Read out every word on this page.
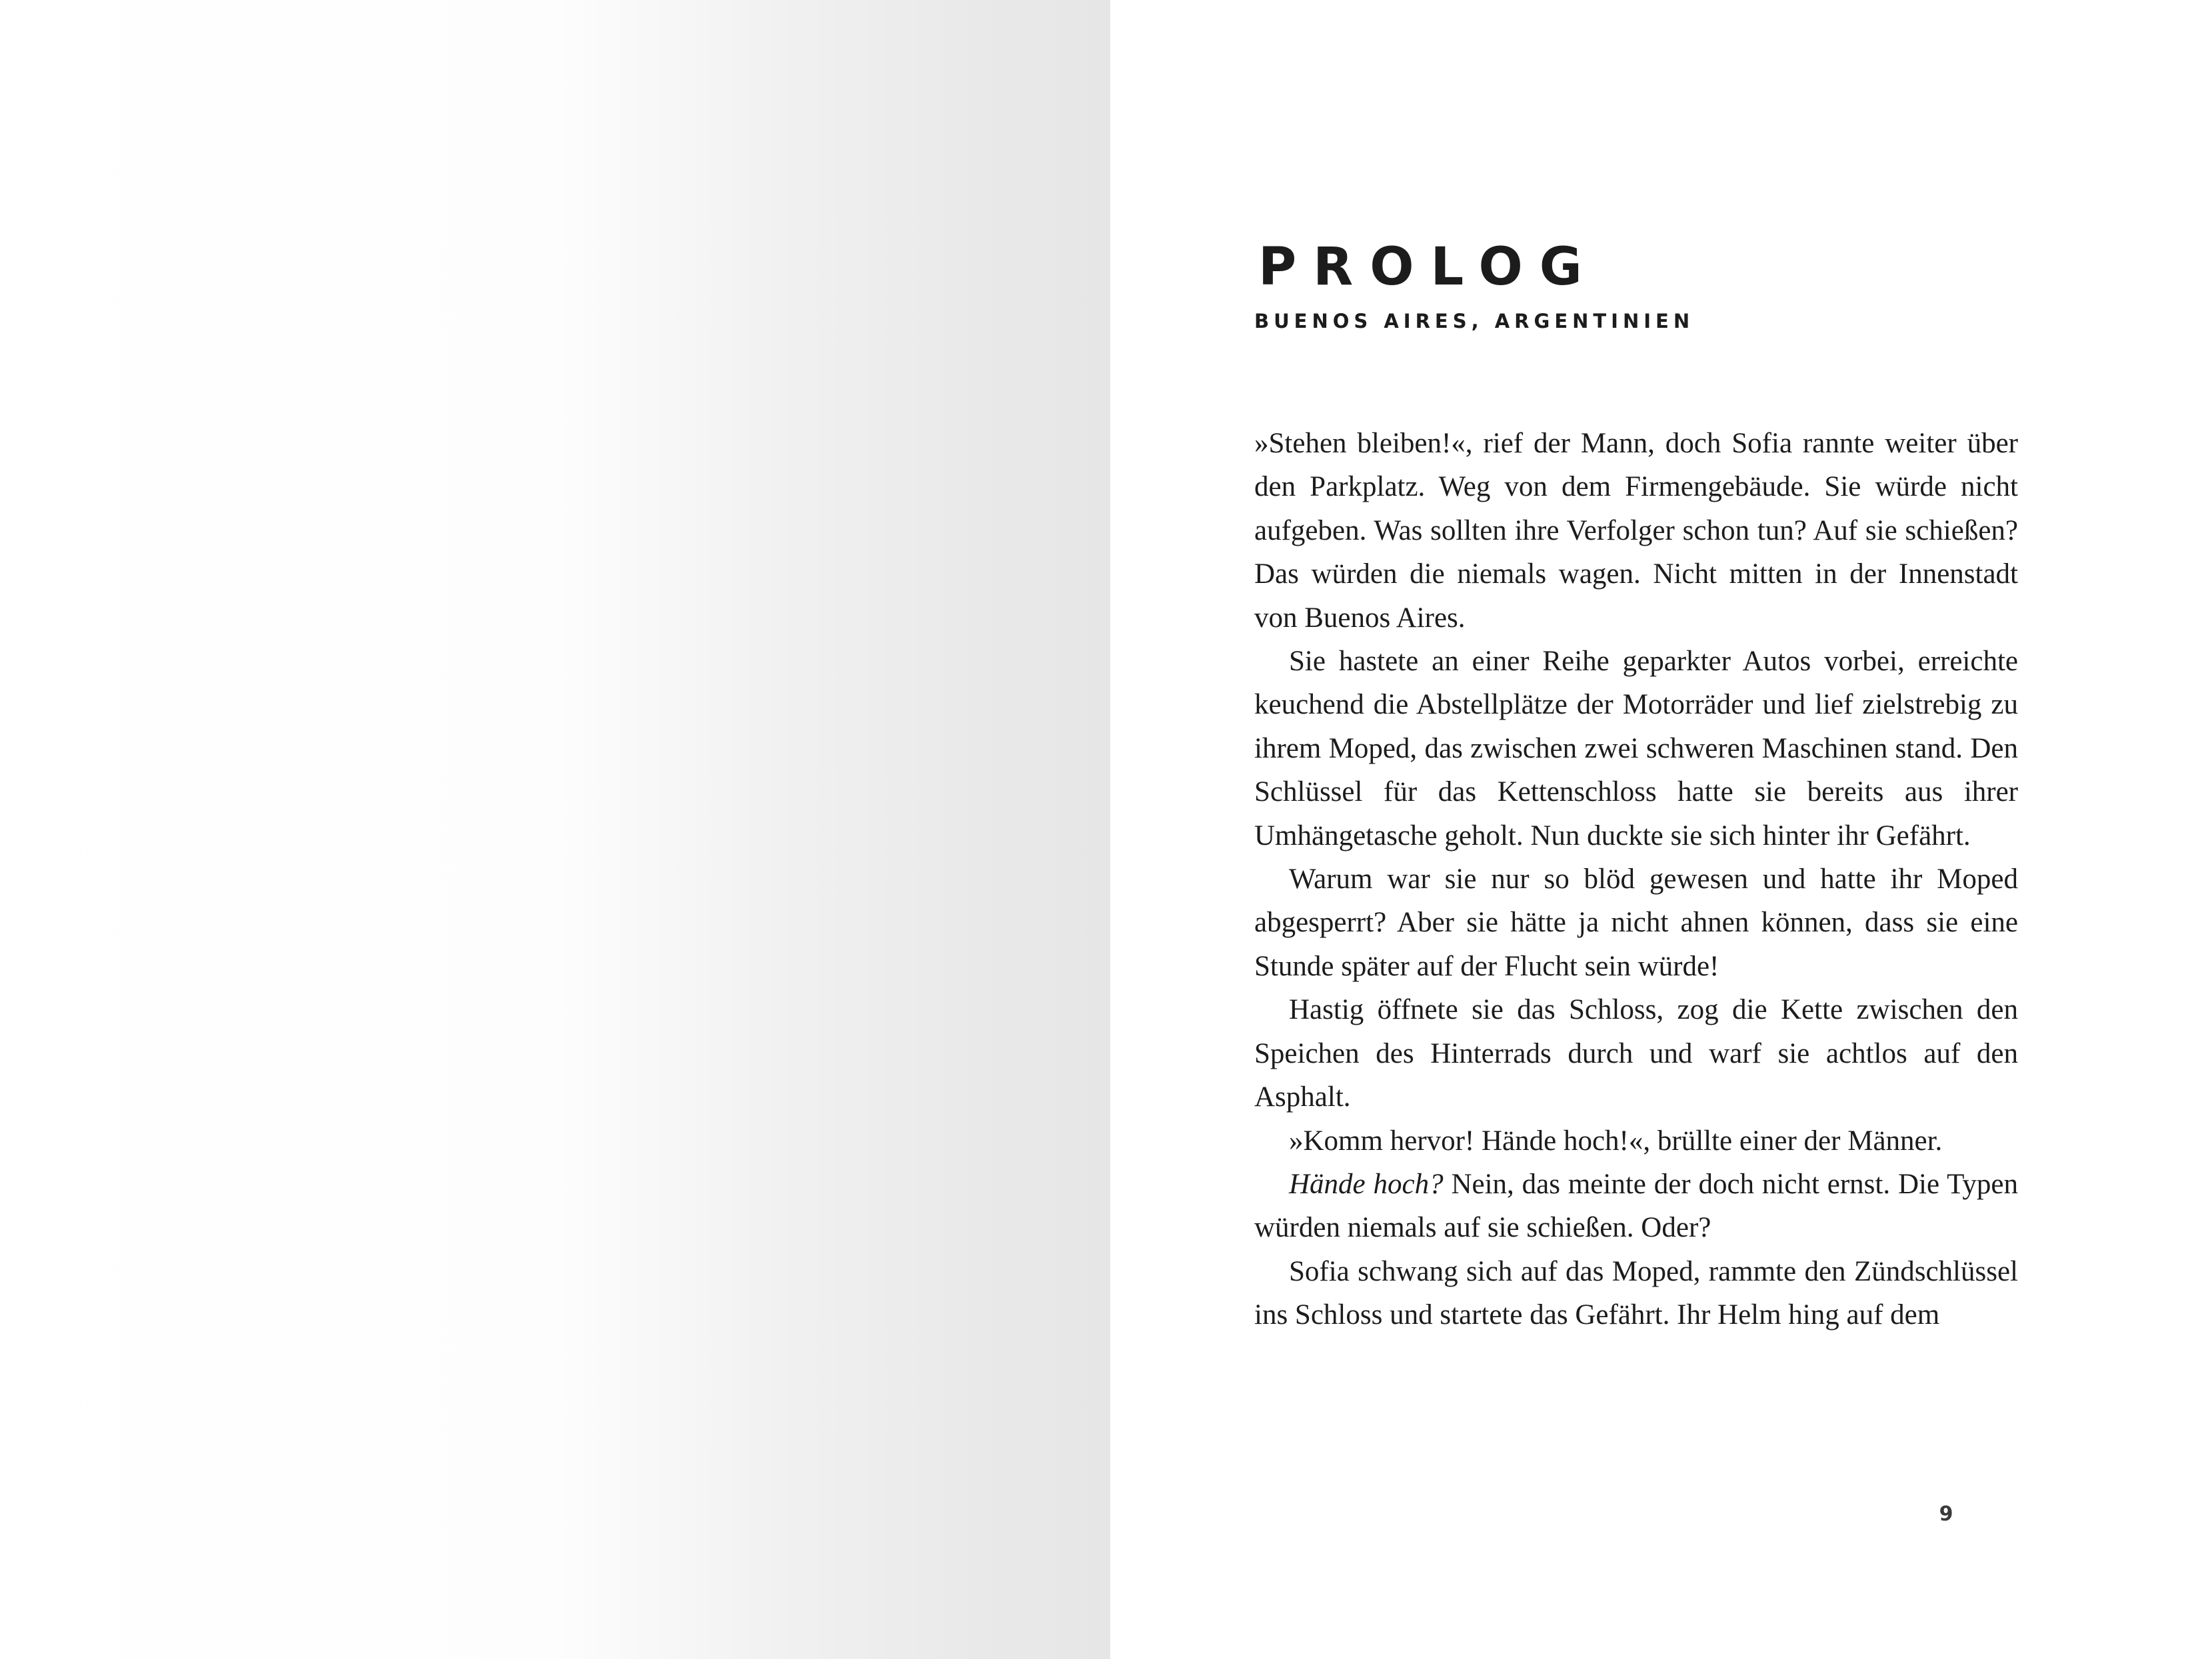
PROLOG
BUENOS AIRES, ARGENTINIEN

»Stehen bleiben!«, rief der Mann, doch Sofia rannte weiter über den Parkplatz. Weg von dem Firmengebäude. Sie würde nicht aufgeben. Was sollten ihre Verfolger schon tun? Auf sie schießen? Das würden die niemals wagen. Nicht mitten in der Innenstadt von Buenos Aires.

Sie hastete an einer Reihe geparkter Autos vorbei, erreichte keuchend die Abstellplätze der Motorräder und lief zielstrebig zu ihrem Moped, das zwischen zwei schweren Maschinen stand. Den Schlüssel für das Kettenschloss hatte sie bereits aus ihrer Umhängetasche geholt. Nun duckte sie sich hinter ihr Gefährt.

Warum war sie nur so blöd gewesen und hatte ihr Moped abgesperrt? Aber sie hätte ja nicht ahnen können, dass sie eine Stunde später auf der Flucht sein würde!

Hastig öffnete sie das Schloss, zog die Kette zwischen den Speichen des Hinterrads durch und warf sie achtlos auf den Asphalt.

»Komm hervor! Hände hoch!«, brüllte einer der Männer.

Hände hoch? Nein, das meinte der doch nicht ernst. Die Typen würden niemals auf sie schießen. Oder?

Sofia schwang sich auf das Moped, rammte den Zündschlüssel ins Schloss und startete das Gefährt. Ihr Helm hing auf dem

9
